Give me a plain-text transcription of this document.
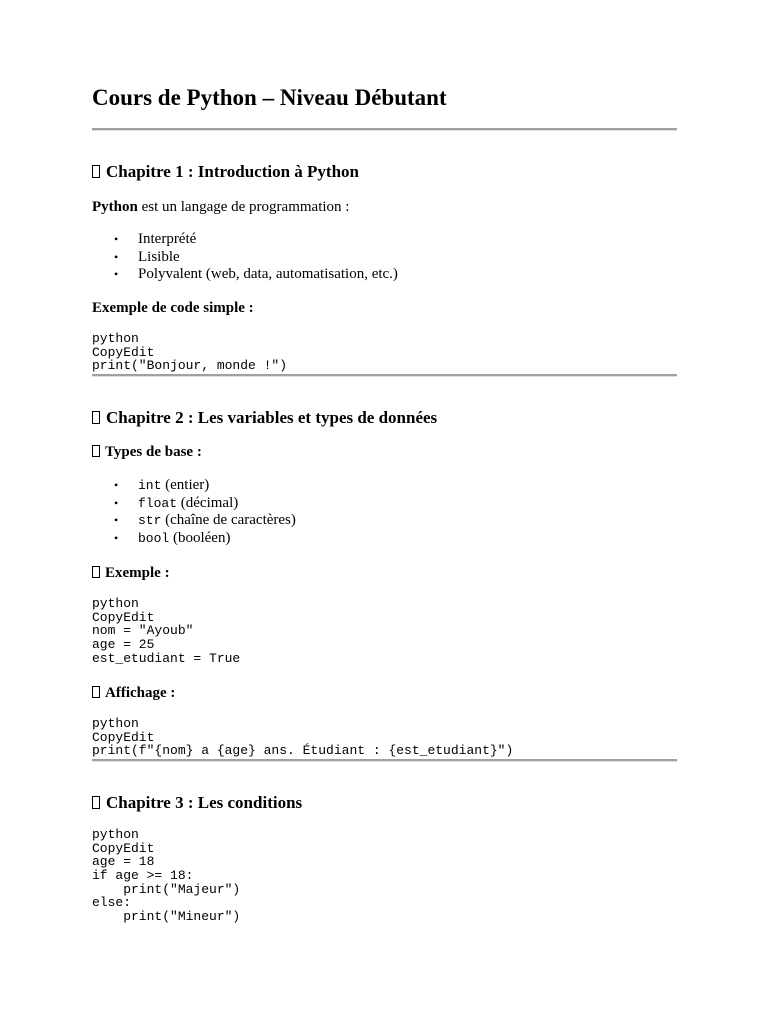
Cours de Python – Niveau Débutant
Chapitre 1 : Introduction à Python

Python est un langage de programmation :

• Interprété
• Lisible
• Polyvalent (web, data, automatisation, etc.)
Exemple de code simple :
python
CopyEdit
print("Bonjour, monde !")
Chapitre 2 : Les variables et types de données
Types de base :
• int (entier)
• float (décimal)
• str (chaîne de caractères)
• bool (booléen)
Exemple :
python
CopyEdit
nom = "Ayoub"
age = 25
est_etudiant = True
Affichage :
python
CopyEdit
print(f"{nom} a {age} ans. Étudiant : {est_etudiant}")
Chapitre 3 : Les conditions
python
CopyEdit
age = 18
if age >= 18:
print("Majeur")
else:
print("Mineur")
